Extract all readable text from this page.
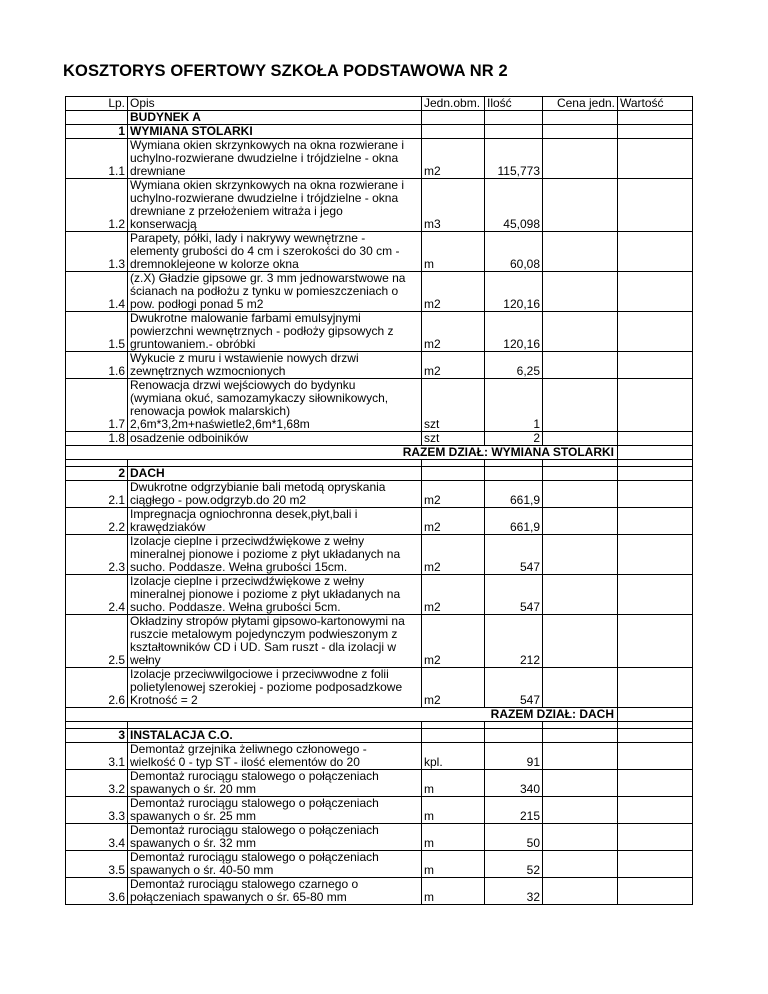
KOSZTORYS OFERTOWY SZKOŁA PODSTAWOWA NR 2
Lp.	Opis	Jedn.obm.	Ilość	Cena jedn.	Wartość
	BUDYNEK A				
1	WYMIANA STOLARKI				
1.1	Wymiana okien skrzynkowych na okna rozwierane i
uchylno-rozwierane dwudzielne i trójdzielne - okna
drewniane	m2	115,773		
1.2	Wymiana okien skrzynkowych na okna rozwierane i
uchylno-rozwierane dwudzielne i trójdzielne - okna
drewniane z przełożeniem witraża i jego
konserwacją	m3	45,098		
1.3	Parapety, półki, lady i nakrywy wewnętrzne -
elementy grubości do 4 cm i szerokości do 30 cm -
dremnoklejeone w kolorze okna	m	60,08		
1.4	(z.X) Gładzie gipsowe gr. 3 mm jednowarstwowe na
ścianach na podłożu z tynku w pomieszczeniach o
pow. podłogi ponad 5 m2	m2	120,16		
1.5	Dwukrotne malowanie farbami emulsyjnymi
powierzchni wewnętrznych - podłoży gipsowych z
gruntowaniem.- obróbki	m2	120,16		
1.6	Wykucie z muru i wstawienie nowych drzwi
zewnętrznych wzmocnionych	m2	6,25		
1.7	Renowacja drzwi wejściowych do bydynku
(wymiana okuć, samozamykaczy siłownikowych,
renowacja powłok malarskich)
2,6m*3,2m+naświetle2,6m*1,68m	szt	1		
1.8	osadzenie odboiników	szt	2		
RAZEM DZIAŁ: WYMIANA STOLARKI					

2	DACH				
2.1	Dwukrotne odgrzybianie bali metodą opryskania
ciągłego - pow.odgrzyb.do 20 m2	m2	661,9		
2.2	Impregnacja ogniochronna desek,płyt,bali i
krawędziaków	m2	661,9		
2.3	Izolacje cieplne i przeciwdźwiękowe z wełny
mineralnej pionowe i poziome z płyt układanych na
sucho. Poddasze. Wełna grubości 15cm.	m2	547		
2.4	Izolacje cieplne i przeciwdźwiękowe z wełny
mineralnej pionowe i poziome z płyt układanych na
sucho. Poddasze. Wełna grubości 5cm.	m2	547		
2.5	Okładziny stropów płytami gipsowo-kartonowymi na
ruszcie metalowym pojedynczym podwieszonym z
kształtowników CD i UD. Sam ruszt - dla izolacji w
wełny	m2	212		
2.6	Izolacje przeciwwilgociowe i przeciwwodne z folii
polietylenowej szerokiej - poziome podposadzkowe
Krotność = 2	m2	547		
RAZEM DZIAŁ: DACH					

3	INSTALACJA C.O.				
3.1	Demontaż grzejnika żeliwnego członowego -
wielkość 0 - typ ST - ilość elementów do 20	kpl.	91		
3.2	Demontaż rurociągu stalowego o połączeniach
spawanych o śr. 20 mm	m	340		
3.3	Demontaż rurociągu stalowego o połączeniach
spawanych o śr. 25 mm	m	215		
3.4	Demontaż rurociągu stalowego o połączeniach
spawanych o śr. 32 mm	m	50		
3.5	Demontaż rurociągu stalowego o połączeniach
spawanych o śr. 40-50 mm	m	52		
3.6	Demontaż rurociągu stalowego czarnego o
połączeniach spawanych o śr. 65-80 mm	m	32		
